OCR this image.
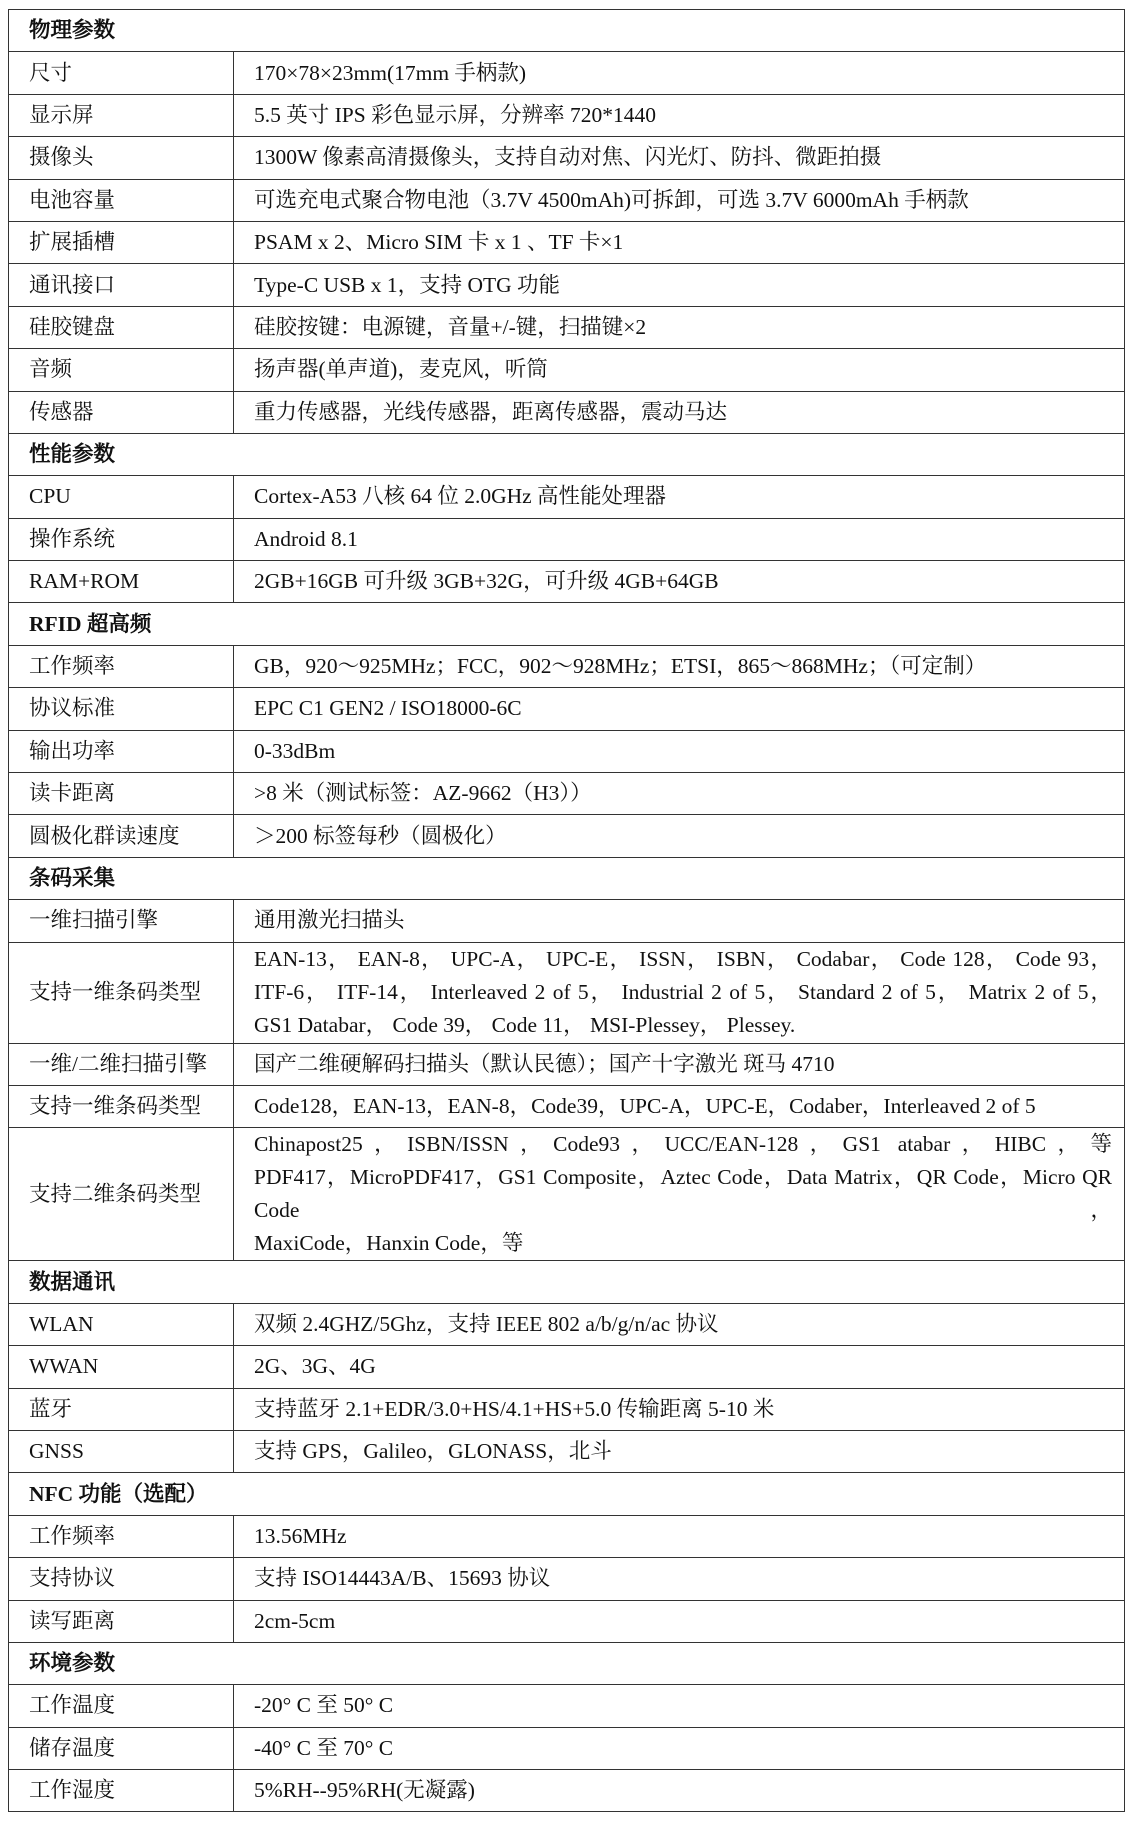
物理参数	
尺寸	170×78×23mm(17mm 手柄款)
显示屏	5.5 英寸 IPS 彩色显示屏，分辨率 720*1440
摄像头	1300W 像素高清摄像头，支持自动对焦、闪光灯、防抖、微距拍摄
电池容量	可选充电式聚合物电池（3.7V 4500mAh)可拆卸，可选 3.7V 6000mAh 手柄款
扩展插槽	PSAM x 2、Micro SIM 卡 x 1 、TF 卡×1
通讯接口	Type-C USB x 1，支持 OTG 功能
硅胶键盘	硅胶按键：电源键，音量+/-键，扫描键×2
音频	扬声器(单声道)，麦克风，听筒
传感器	重力传感器，光线传感器，距离传感器，震动马达
性能参数	
CPU	Cortex-A53 八核 64 位 2.0GHz 高性能处理器
操作系统	Android 8.1
RAM+ROM	2GB+16GB 可升级 3GB+32G，可升级 4GB+64GB
RFID 超高频	
工作频率	GB，920～925MHz；FCC，902～928MHz；ETSI，865～868MHz；（可定制）
协议标准	EPC C1 GEN2 / ISO18000-6C
输出功率	0-33dBm
读卡距离	>8 米（测试标签：AZ-9662（H3））
圆极化群读速度	＞200 标签每秒（圆极化）
条码采集	
一维扫描引擎	通用激光扫描头
支持一维条码类型	EAN-13， EAN-8， UPC-A， UPC-E， ISSN， ISBN， Codabar， Code 128， Code 93，
ITF-6， ITF-14， Interleaved 2 of 5， Industrial 2 of 5， Standard 2 of 5， Matrix 2 of 5，
GS1 Databar， Code 39， Code 11， MSI-Plessey， Plessey.

一维/二维扫描引擎	国产二维硬解码扫描头（默认民德）；国产十字激光 斑马 4710
支持一维条码类型	Code128，EAN-13，EAN-8，Code39，UPC-A，UPC-E，Codaber，Interleaved 2 of 5
支持二维条码类型	Chinapost25，ISBN/ISSN，Code93，UCC/EAN-128，GS1 atabar，HIBC，等
PDF417，MicroPDF417，GS1 Composite，Aztec Code，Data Matrix，QR Code，Micro QR Code，
MaxiCode，Hanxin Code，等

数据通讯	
WLAN	双频 2.4GHZ/5Ghz，支持 IEEE 802 a/b/g/n/ac 协议
WWAN	2G、3G、4G
蓝牙	支持蓝牙 2.1+EDR/3.0+HS/4.1+HS+5.0 传输距离 5-10 米
GNSS	支持 GPS，Galileo，GLONASS，北斗
NFC 功能（选配）	
工作频率	13.56MHz
支持协议	支持 ISO14443A/B、15693 协议
读写距离	2cm-5cm
环境参数	
工作温度	-20° C 至 50° C
储存温度	-40° C 至 70° C
工作湿度	5%RH--95%RH(无凝露)
